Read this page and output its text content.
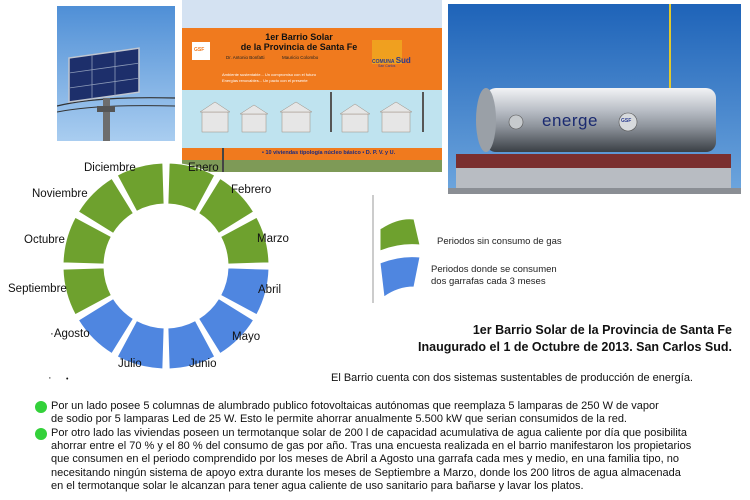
GSF
1er Barrio Solar
de la Provincia de Santa Fe
Dr. Antonio Bonfatti	Mauricio Colombo
Ambiente sustentable... Un compromiso con el futuro
Energías renovables... Un pacto con el presente
COMUNA Sud
San Carlos
• 10 viviendas tipología núcleo básico • D. P. V. y U.
energe	GSF
Diciembre	Enero
Noviembre	Febrero
Octubre	Marzo
Septiembre	Abril
·Agosto	Mayo
Julio	Junio
· •
Periodos sin consumo de gas
Periodos donde se consumen
dos garrafas cada 3 meses
1er Barrio Solar de la Provincia de Santa Fe
Inaugurado el 1 de Octubre de 2013. San Carlos Sud.
El Barrio cuenta con dos sistemas sustentables de producción de energía.
Por un lado posee 5 columnas de alumbrado publico fotovoltaicas autónomas que reemplaza 5 lamparas de 250 W de vapor
de sodio por 5 lamparas Led de 25 W. Esto le permite ahorrar anualmente 5.500 kW que serian consumidos de la red.
Por otro lado las viviendas poseen un termotanque solar de 200 l de capacidad acumulativa de agua caliente por día que posibilita
ahorrar entre el 70 % y el 80 % del consumo de gas por año. Tras una encuesta realizada en el barrio manifestaron los propietarios
que consumen en el periodo comprendido por los meses de Abril a Agosto una garrafa cada mes y medio, en una familia tipo, no
necesitando ningún sistema de apoyo extra durante los meses de Septiembre a Marzo, donde los 200 litros de agua almacenada
en el termotanque solar le alcanzan para tener agua caliente de uso sanitario para bañarse y lavar los platos.
